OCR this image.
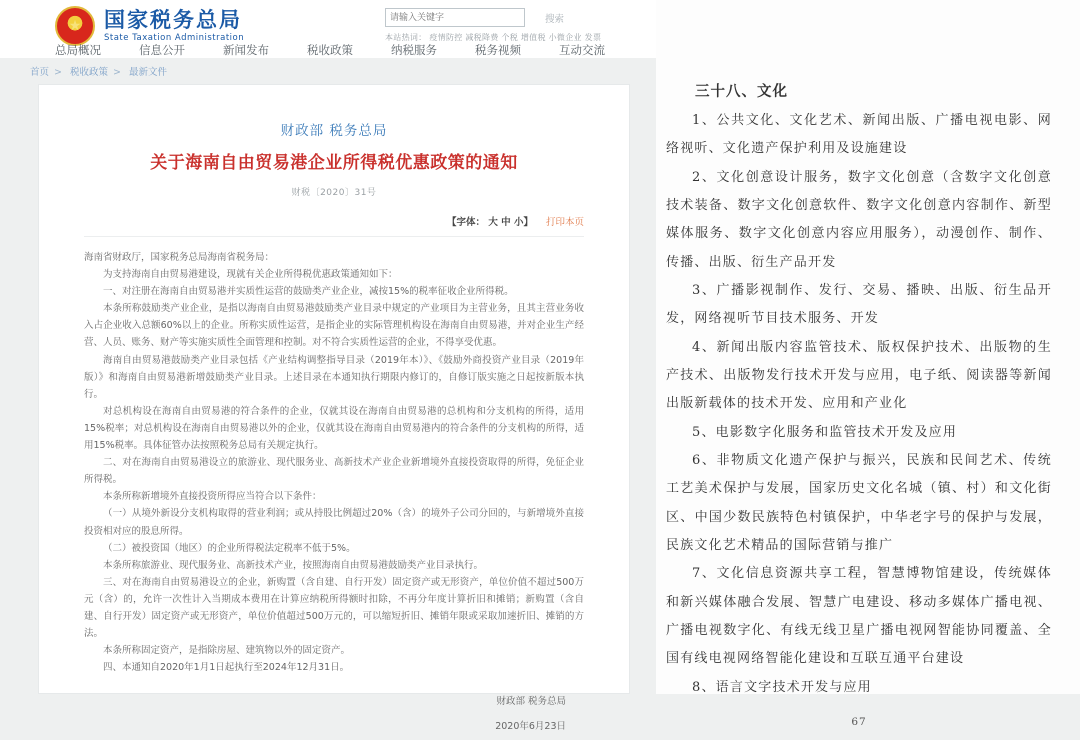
★	国家税务总局
State Taxation Administration
请输入关键字
搜索
本站热词： 疫情防控 减税降费 个税 增值税 小微企业 发票
总局概况	信息公开	新闻发布	税收政策	纳税服务	税务视频	互动交流
首页 > 税收政策 > 最新文件
财政部 税务总局
关于海南自由贸易港企业所得税优惠政策的通知
财税〔2020〕31号
【字体： 大 中 小】 打印本页

海南省财政厅，国家税务总局海南省税务局：

为支持海南自由贸易港建设，现就有关企业所得税优惠政策通知如下：

一、对注册在海南自由贸易港并实质性运营的鼓励类产业企业，减按15%的税率征收企业所得税。

本条所称鼓励类产业企业，是指以海南自由贸易港鼓励类产业目录中规定的产业项目为主营业务，且其主营业务收入占企业收入总额60%以上的企业。所称实质性运营，是指企业的实际管理机构设在海南自由贸易港，并对企业生产经营、人员、账务、财产等实施实质性全面管理和控制。对不符合实质性运营的企业，不得享受优惠。

海南自由贸易港鼓励类产业目录包括《产业结构调整指导目录（2019年本）》、《鼓励外商投资产业目录（2019年版）》和海南自由贸易港新增鼓励类产业目录。上述目录在本通知执行期限内修订的，自修订版实施之日起按新版本执行。

对总机构设在海南自由贸易港的符合条件的企业，仅就其设在海南自由贸易港的总机构和分支机构的所得，适用15%税率；对总机构设在海南自由贸易港以外的企业，仅就其设在海南自由贸易港内的符合条件的分支机构的所得，适用15%税率。具体征管办法按照税务总局有关规定执行。

二、对在海南自由贸易港设立的旅游业、现代服务业、高新技术产业企业新增境外直接投资取得的所得，免征企业所得税。

本条所称新增境外直接投资所得应当符合以下条件：

（一）从境外新设分支机构取得的营业利润；或从持股比例超过20%（含）的境外子公司分回的，与新增境外直接投资相对应的股息所得。

（二）被投资国（地区）的企业所得税法定税率不低于5%。

本条所称旅游业、现代服务业、高新技术产业，按照海南自由贸易港鼓励类产业目录执行。

三、对在海南自由贸易港设立的企业，新购置（含自建、自行开发）固定资产或无形资产，单位价值不超过500万元（含）的，允许一次性计入当期成本费用在计算应纳税所得额时扣除，不再分年度计算折旧和摊销；新购置（含自建、自行开发）固定资产或无形资产，单位价值超过500万元的，可以缩短折旧、摊销年限或采取加速折旧、摊销的方法。

本条所称固定资产，是指除房屋、建筑物以外的固定资产。

四、本通知自2020年1月1日起执行至2024年12月31日。

财政部 税务总局
2020年6月23日

三十八、文化

1、公共文化、文化艺术、新闻出版、广播电视电影、网络视听、文化遗产保护利用及设施建设

2、文化创意设计服务，数字文化创意（含数字文化创意技术装备、数字文化创意软件、数字文化创意内容制作、新型媒体服务、数字文化创意内容应用服务），动漫创作、制作、传播、出版、衍生产品开发

3、广播影视制作、发行、交易、播映、出版、衍生品开发，网络视听节目技术服务、开发

4、新闻出版内容监管技术、版权保护技术、出版物的生产技术、出版物发行技术开发与应用，电子纸、阅读器等新闻出版新载体的技术开发、应用和产业化

5、电影数字化服务和监管技术开发及应用

6、非物质文化遗产保护与振兴，民族和民间艺术、传统工艺美术保护与发展，国家历史文化名城（镇、村）和文化街区、中国少数民族特色村镇保护，中华老字号的保护与发展，民族文化艺术精品的国际营销与推广

7、文化信息资源共享工程，智慧博物馆建设，传统媒体和新兴媒体融合发展、智慧广电建设、移动多媒体广播电视、广播电视数字化、有线无线卫星广播电视网智能协同覆盖、全国有线电视网络智能化建设和互联互通平台建设

8、语言文字技术开发与应用

67
